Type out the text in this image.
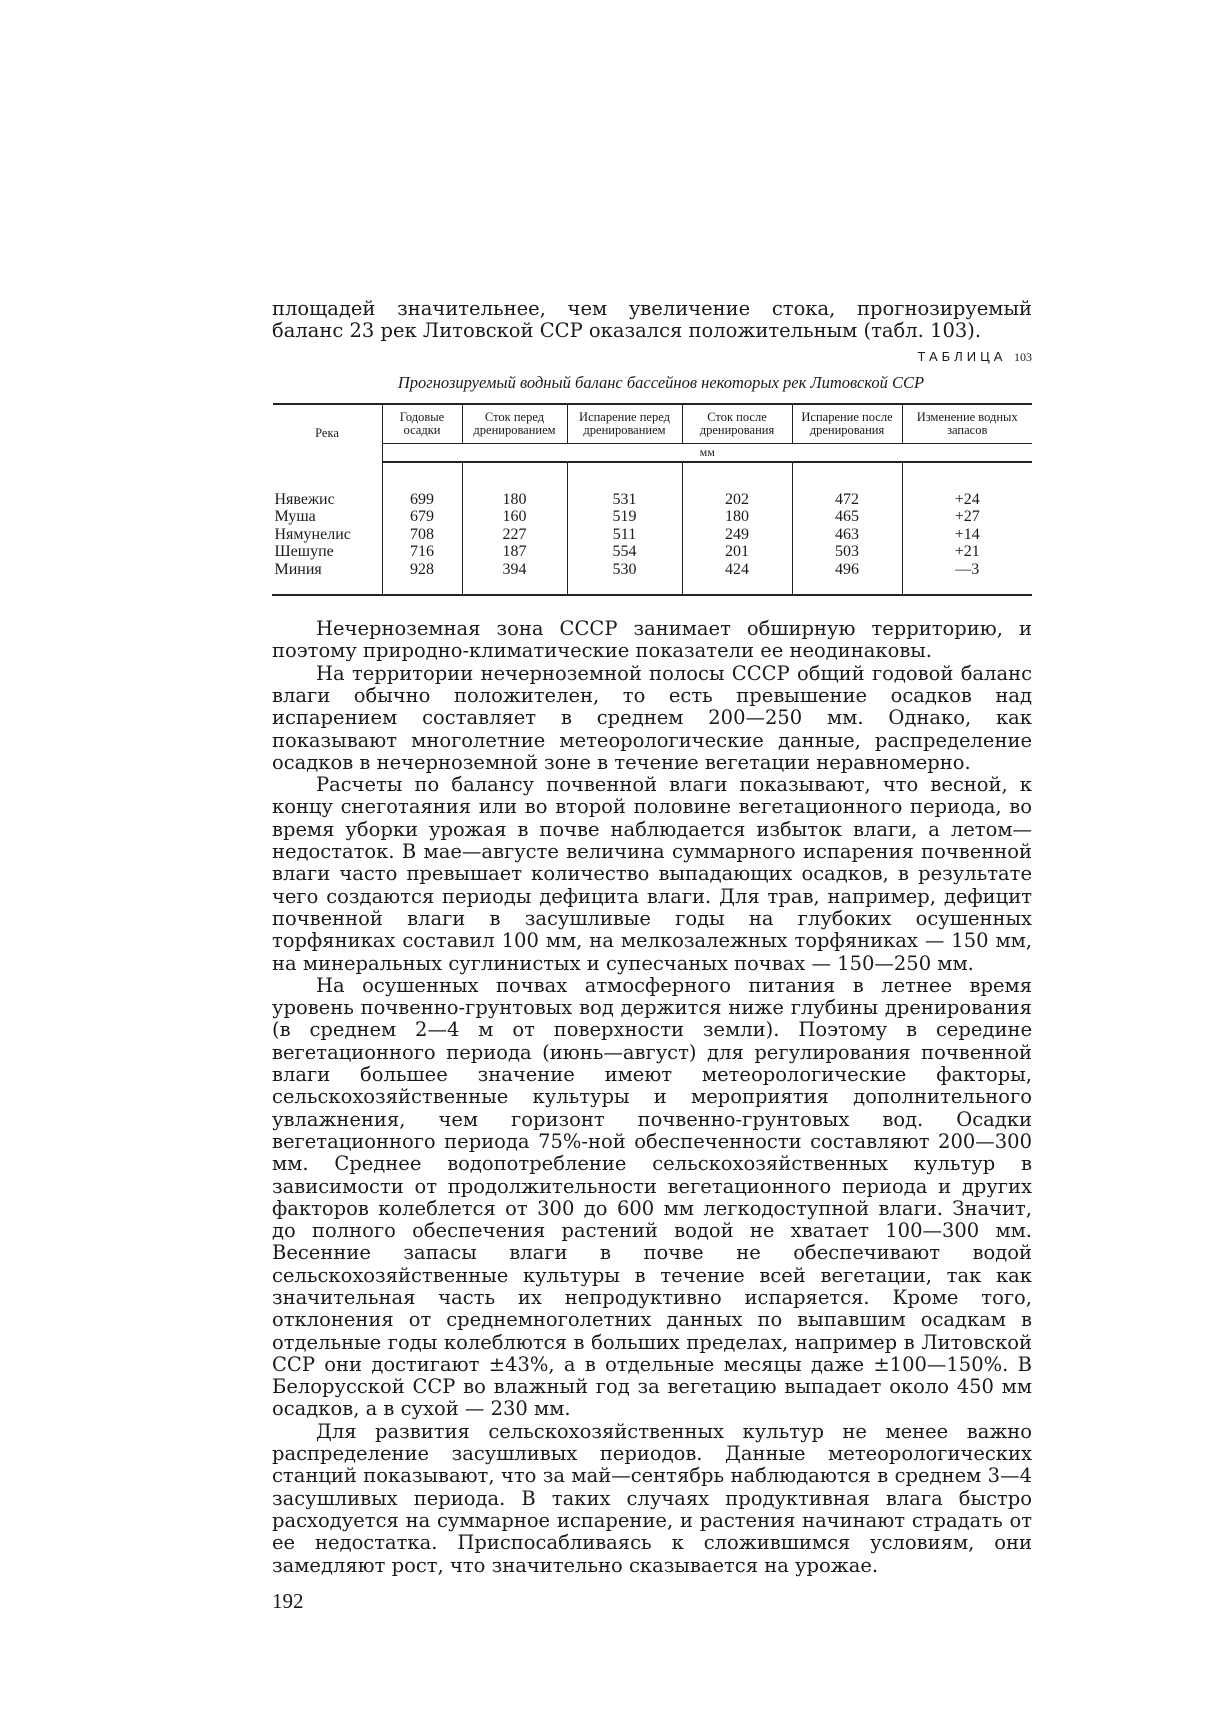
площадей значительнее, чем увеличение стока, прогнозируемый баланс 23 рек Литовской ССР оказался положительным (табл. 103).

ТАБЛИЦА 103
Прогнозируемый водный баланс бассейнов некоторых рек Литовской ССР
Река	Годовые осадки	Сток перед дренированием	Испарение перед дренированием	Сток после дренирования	Испарение после дренирования	Изменение водных запасов
	мм					

Нявежис	699	180	531	202	472	+24
Муша	679	160	519	180	465	+27
Нямунелис	708	227	511	249	463	+14
Шешупе	716	187	554	201	503	+21
Миния	928	394	530	424	496	—3

Нечерноземная зона СССР занимает обширную территорию, и поэтому природно-климатические показатели ее неодинаковы.

На территории нечерноземной полосы СССР общий годовой баланс влаги обычно положителен, то есть превышение осадков над испарением составляет в среднем 200—250 мм. Однако, как показывают многолетние метеорологические данные, распределение осадков в нечерноземной зоне в течение вегетации неравномерно.

Расчеты по балансу почвенной влаги показывают, что весной, к концу снеготаяния или во второй половине вегетационного периода, во время уборки урожая в почве наблюдается избыток влаги, а летом— недостаток. В мае—августе величина суммарного испарения почвенной влаги часто превышает количество выпадающих осадков, в результате чего создаются периоды дефицита влаги. Для трав, например, дефицит почвенной влаги в засушливые годы на глубоких осушенных торфяниках составил 100 мм, на мелкозалежных торфяниках — 150 мм, на минеральных суглинистых и супесчаных почвах — 150—250 мм.

На осушенных почвах атмосферного питания в летнее время уровень почвенно-грунтовых вод держится ниже глубины дренирования (в среднем 2—4 м от поверхности земли). Поэтому в середине вегетационного периода (июнь—август) для регулирования почвенной влаги большее значение имеют метеорологические факторы, сельскохозяйственные культуры и мероприятия дополнительного увлажнения, чем горизонт почвенно-грунтовых вод. Осадки вегетационного периода 75%-ной обеспеченности составляют 200—300 мм. Среднее водопотребление сельскохозяйственных культур в зависимости от продолжительности вегетационного периода и других факторов колеблется от 300 до 600 мм легкодоступной влаги. Значит, до полного обеспечения растений водой не хватает 100—300 мм. Весенние запасы влаги в почве не обеспечивают водой сельскохозяйственные культуры в течение всей вегетации, так как значительная часть их непродуктивно испаряется. Кроме того, отклонения от среднемноголетних данных по выпавшим осадкам в отдельные годы колеблются в больших пределах, например в Литовской ССР они достигают ±43%, а в отдельные месяцы даже ±100—150%. В Белорусской ССР во влажный год за вегетацию выпадает около 450 мм осадков, а в сухой — 230 мм.

Для развития сельскохозяйственных культур не менее важно распределение засушливых периодов. Данные метеорологических станций показывают, что за май—сентябрь наблюдаются в среднем 3—4 засушливых периода. В таких случаях продуктивная влага быстро расходуется на суммарное испарение, и растения начинают страдать от ее недостатка. Приспосабливаясь к сложившимся условиям, они замедляют рост, что значительно сказывается на урожае.

192
